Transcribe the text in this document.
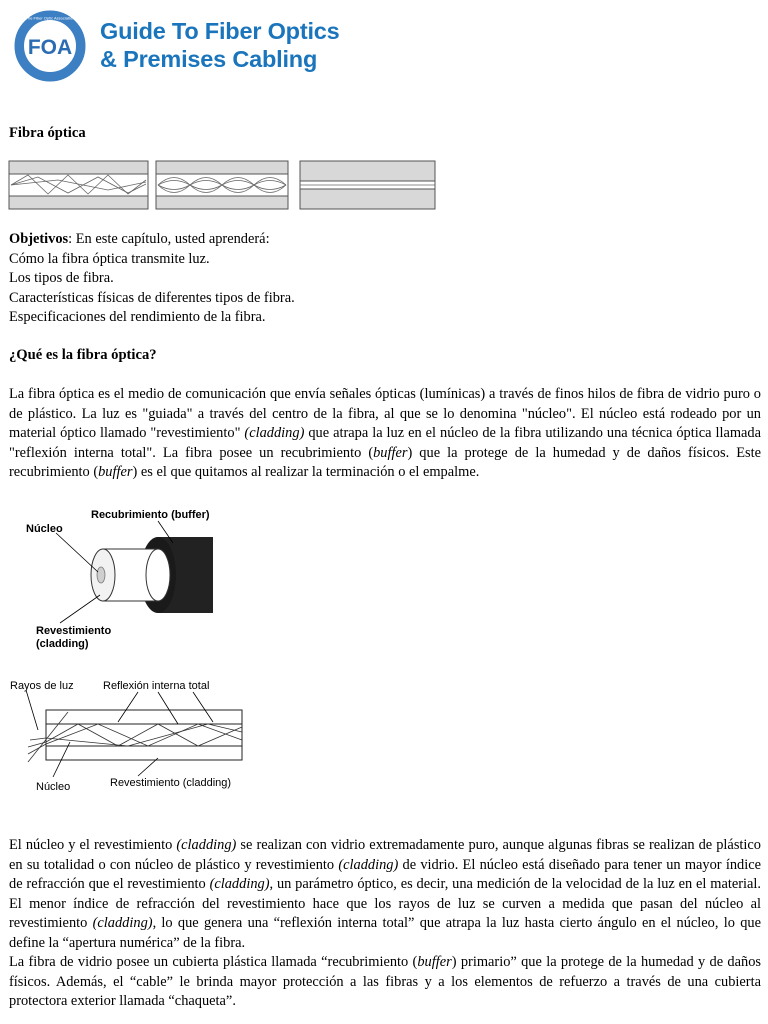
FOA
The Fiber Optic Association Guide To Fiber Optics
& Premises Cabling
Fibra óptica
Objetivos: En este capítulo, usted aprenderá:
Cómo la fibra óptica transmite luz.
Los tipos de fibra.
Características físicas de diferentes tipos de fibra.
Especificaciones del rendimiento de la fibra.
¿Qué es la fibra óptica?

La fibra óptica es el medio de comunicación que envía señales ópticas (lumínicas) a través de finos hilos de fibra de vidrio puro o de plástico. La luz es "guiada" a través del centro de la fibra, al que se lo denomina "núcleo". El núcleo está rodeado por un material óptico llamado "revestimiento" (cladding) que atrapa la luz en el núcleo de la fibra utilizando una técnica óptica llamada "reflexión interna total". La fibra posee un recubrimiento (buffer) que la protege de la humedad y de daños físicos. Este recubrimiento (buffer) es el que quitamos al realizar la terminación o el empalme.

Núcleo
Recubrimiento (buffer)
Revestimiento
(cladding)
Rayos de luz	Reflexión interna total
Núcleo	Revestimiento (cladding)

El núcleo y el revestimiento (cladding) se realizan con vidrio extremadamente puro, aunque algunas fibras se realizan de plástico en su totalidad o con núcleo de plástico y revestimiento (cladding) de vidrio. El núcleo está diseñado para tener un mayor índice de refracción que el revestimiento (cladding), un parámetro óptico, es decir, una medición de la velocidad de la luz en el material. El menor índice de refracción del revestimiento hace que los rayos de luz se curven a medida que pasan del núcleo al revestimiento (cladding), lo que genera una “reflexión interna total” que atrapa la luz hasta cierto ángulo en el núcleo, lo que define la “apertura numérica” de la fibra.

La fibra de vidrio posee un cubierta plástica llamada “recubrimiento (buffer) primario” que la protege de la humedad y de daños físicos. Además, el “cable” le brinda mayor protección a las fibras y a los elementos de refuerzo a través de una cubierta protectora exterior llamada “chaqueta”.
